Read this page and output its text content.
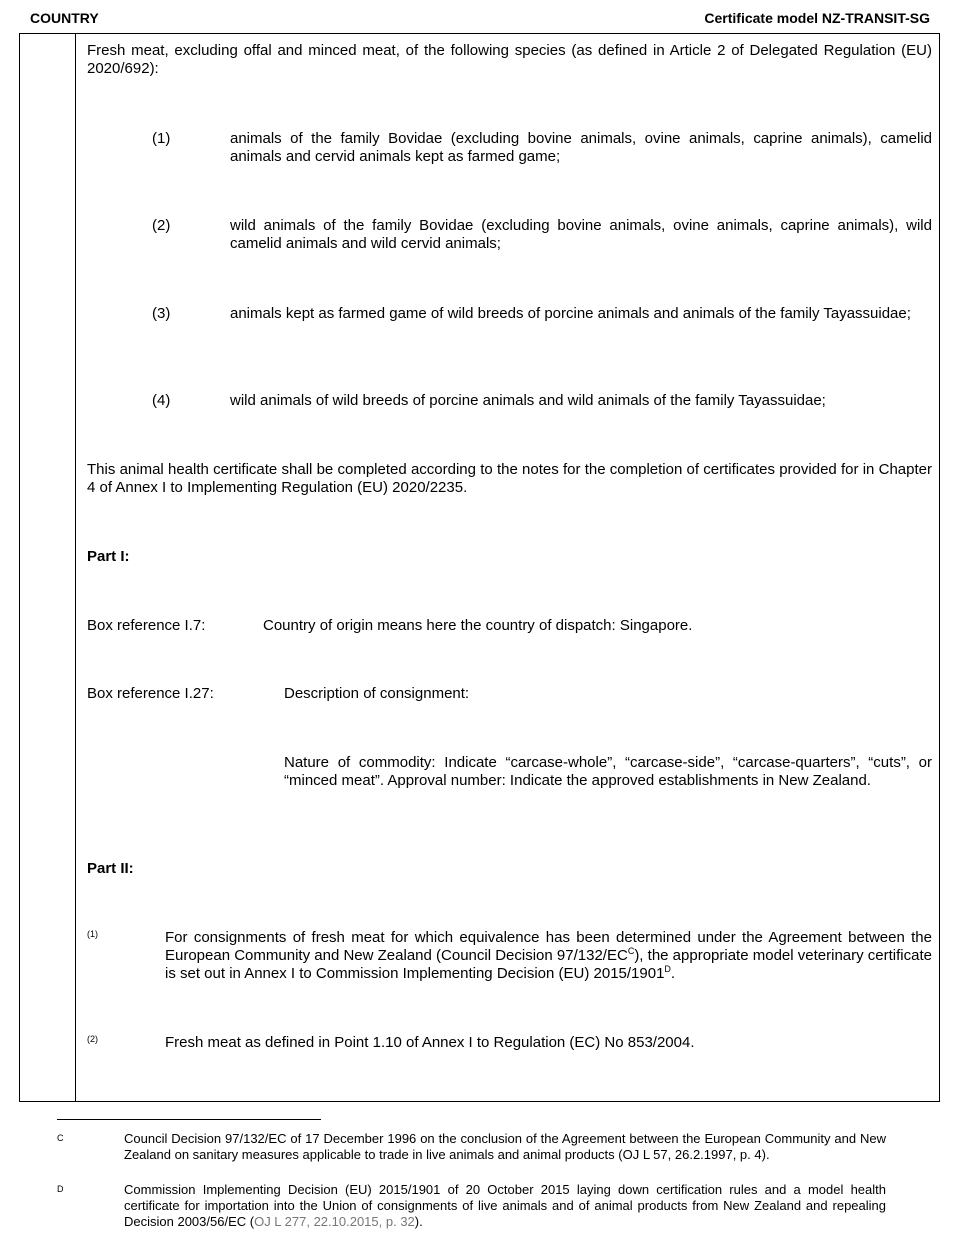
COUNTRY	Certificate model NZ-TRANSIT-SG
Fresh meat, excluding offal and minced meat, of the following species (as defined in Article 2 of Delegated Regulation (EU) 2020/692):
(1)	animals of the family Bovidae (excluding bovine animals, ovine animals, caprine animals), camelid animals and cervid animals kept as farmed game;
(2)	wild animals of the family Bovidae (excluding bovine animals, ovine animals, caprine animals), wild camelid animals and wild cervid animals;
(3)	animals kept as farmed game of wild breeds of porcine animals and animals of the family Tayassuidae;
(4)	wild animals of wild breeds of porcine animals and wild animals of the family Tayassuidae;
This animal health certificate shall be completed according to the notes for the completion of certificates provided for in Chapter 4 of Annex I to Implementing Regulation (EU) 2020/2235.
Part I:
Box reference I.7:	Country of origin means here the country of dispatch: Singapore.
Box reference I.27:	Description of consignment:
Nature of commodity: Indicate “carcase-whole”, “carcase-side”, “carcase-quarters”, “cuts”, or “minced meat”. Approval number: Indicate the approved establishments in New Zealand.
Part II:
(1)	For consignments of fresh meat for which equivalence has been determined under the Agreement between the European Community and New Zealand (Council Decision $97/132/EC^C$), the appropriate model veterinary certificate is set out in Annex I to Commission Implementing Decision (EU) $2015/1901^D$.
(2)	Fresh meat as defined in Point 1.10 of Annex I to Regulation (EC) No 853/2004.
C	Council Decision 97/132/EC of 17 December 1996 on the conclusion of the Agreement between the European Community and New Zealand on sanitary measures applicable to trade in live animals and animal products (OJ L 57, 26.2.1997, p. 4).
D	Commission Implementing Decision (EU) 2015/1901 of 20 October 2015 laying down certification rules and a model health certificate for importation into the Union of consignments of live animals and of animal products from New Zealand and repealing Decision 2003/56/EC (OJ L 277, 22.10.2015, p. 32).
